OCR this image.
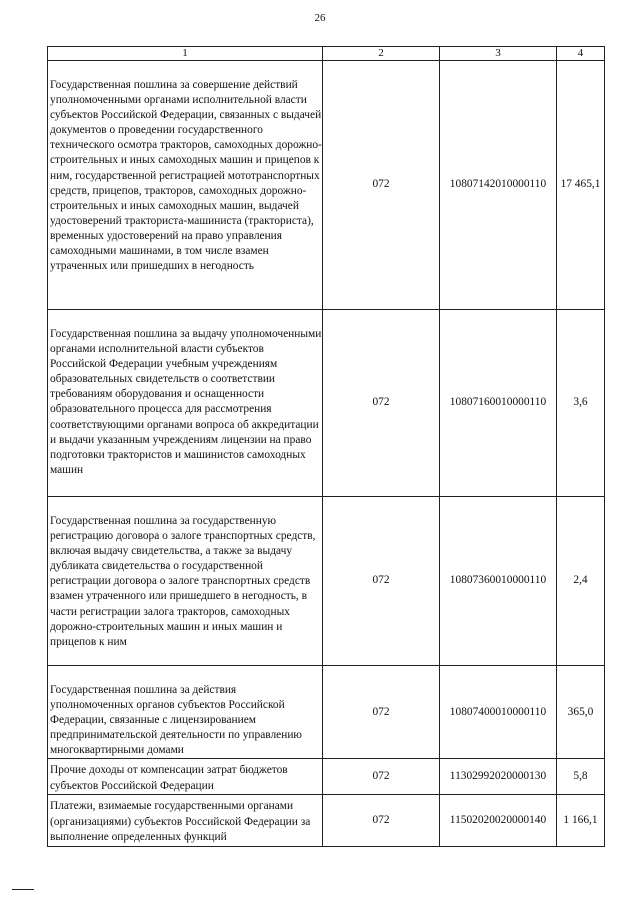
26
1	2	3	4
Государственная пошлина за совершение действий уполномоченными органами исполнительной власти субъектов Российской Федерации, связанных с выдачей документов о проведении государственного технического осмотра тракторов, самоходных дорожно-строительных и иных самоходных машин и прицепов к ним, государственной регистрацией мототранспортных средств, прицепов, тракторов, самоходных дорожно-строительных и иных самоходных машин, выдачей удостоверений тракториста-машиниста (тракториста), временных удостоверений на право управления самоходными машинами, в том числе взамен утраченных или пришедших в негодность	072	10807142010000110	17 465,1
Государственная пошлина за выдачу уполномоченными органами исполнительной власти субъектов Российской Федерации учебным учреждениям образовательных свидетельств о соответствии требованиям оборудования и оснащенности образовательного процесса для рассмотрения соответствующими органами вопроса об аккредитации и выдачи указанным учреждениям лицензии на право подготовки трактористов и машинистов самоходных машин	072	10807160010000110	3,6
Государственная пошлина за государственную регистрацию договора о залоге транспортных средств, включая выдачу свидетельства, а также за выдачу дубликата свидетельства о государственной регистрации договора о залоге транспортных средств взамен утраченного или пришедшего в негодность, в части регистрации залога тракторов, самоходных дорожно-строительных машин и иных машин и прицепов к ним	072	10807360010000110	2,4
Государственная пошлина за действия уполномоченных органов субъектов Российской Федерации, связанные с лицензированием предпринимательской деятельности по управлению многоквартирными домами	072	10807400010000110	365,0
Прочие доходы от компенсации затрат бюджетов субъектов Российской Федерации	072	11302992020000130	5,8
Платежи, взимаемые государственными органами (организациями) субъектов Российской Федерации за выполнение определенных функций	072	11502020020000140	1 166,1
